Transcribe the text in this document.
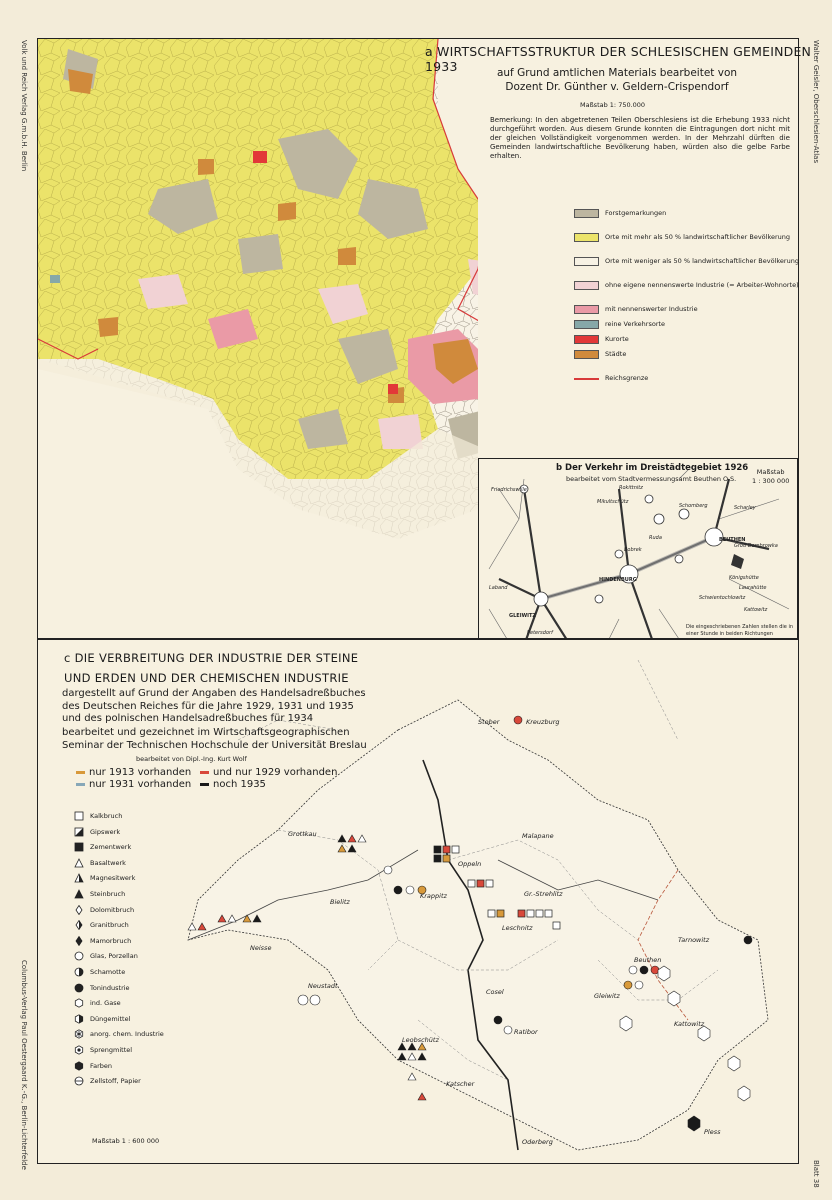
Volk und Reich Verlag G.m.b.H. Berlin
Columbus-Verlag Paul Oestergaard K.-G., Berlin-Lichterfelde
Walter Geisler, Oberschlesien-Atlas
Blatt 38
a WIRTSCHAFTSSTRUKTUR DER SCHLESISCHEN GEMEINDEN 1933	auf Grund amtlichen Materials bearbeitet von
Dozent Dr. Günther v. Geldern-Crispendorf
Maßstab 1: 750.000
Bemerkung: In den abgetretenen Teilen Oberschlesiens ist die Erhebung 1933 nicht durchgeführt worden. Aus diesem Grunde konnten die Eintragungen dort nicht mit der gleichen Vollständigkeit vorgenommen werden. In der Mehrzahl dürften die Gemeinden landwirtschaftliche Bevölkerung haben, würden also die gelbe Farbe erhalten.
Forstgemarkungen
Orte mit mehr als 50 % landwirtschaftlicher Bevölkerung
Orte mit weniger als 50 % landwirtschaftlicher Bevölkerung
ohne eigene nennenswerte Industrie (= Arbeiter-Wohnorte)
mit nennenswerter Industrie
reine Verkehrsorte
Kurorte
Städte
Reichsgrenze
Friedrichswille	Rokittnitz
Mikultschütz
Schomberg	Scharley
Groß Dombrowka
BEUTHEN
HINDENBURG
GLEIWITZ
Bobrek
Ruda
Königshütte
Laurahütte
Schwientochlowitz
Kattowitz
Laband
Petersdorf
b Der Verkehr im Dreistädtegebiet 1926
bearbeitet vom Stadtvermessungsamt Beuthen O.S.
Maßstab
1 : 300 000
Die eingeschriebenen Zahlen stellen die in einer Stunde in beiden Richtungen
Kreuzburg
Oppeln
Grottkau
Krappitz	Gr.-Strehlitz
Bielitz
Leschnitz
Neisse
Neustadt
Cosel
Tarnowitz
Beuthen
Gleiwitz
Kattowitz
Leobschütz
Ratibor
Katscher
Pless
Oderberg
Stober
Malapane
c DIE VERBREITUNG DER INDUSTRIE DER STEINE
UND ERDEN UND DER CHEMISCHEN INDUSTRIE
dargestellt auf Grund der Angaben des Handelsadreßbuches
des Deutschen Reiches für die Jahre 1929, 1931 und 1935
und des polnischen Handelsadreßbuches für 1934
bearbeitet und gezeichnet im Wirtschaftsgeographischen
Seminar der Technischen Hochschule der Universität Breslau
bearbeitet von Dipl.-Ing. Kurt Wolf
nur 1913 vorhanden	und nur 1929 vorhanden
nur 1931 vorhanden	noch 1935
Kalkbruch
Gipswerk
Zementwerk
Basaltwerk
Magnesitwerk
Steinbruch
Dolomitbruch
Granitbruch
Mamorbruch
Glas, Porzellan
Schamotte
Tonindustrie
ind. Gase
Düngemittel
anorg. chem. Industrie
Sprengmittel
Farben
Zellstoff, Papier
Maßstab 1 : 600 000
